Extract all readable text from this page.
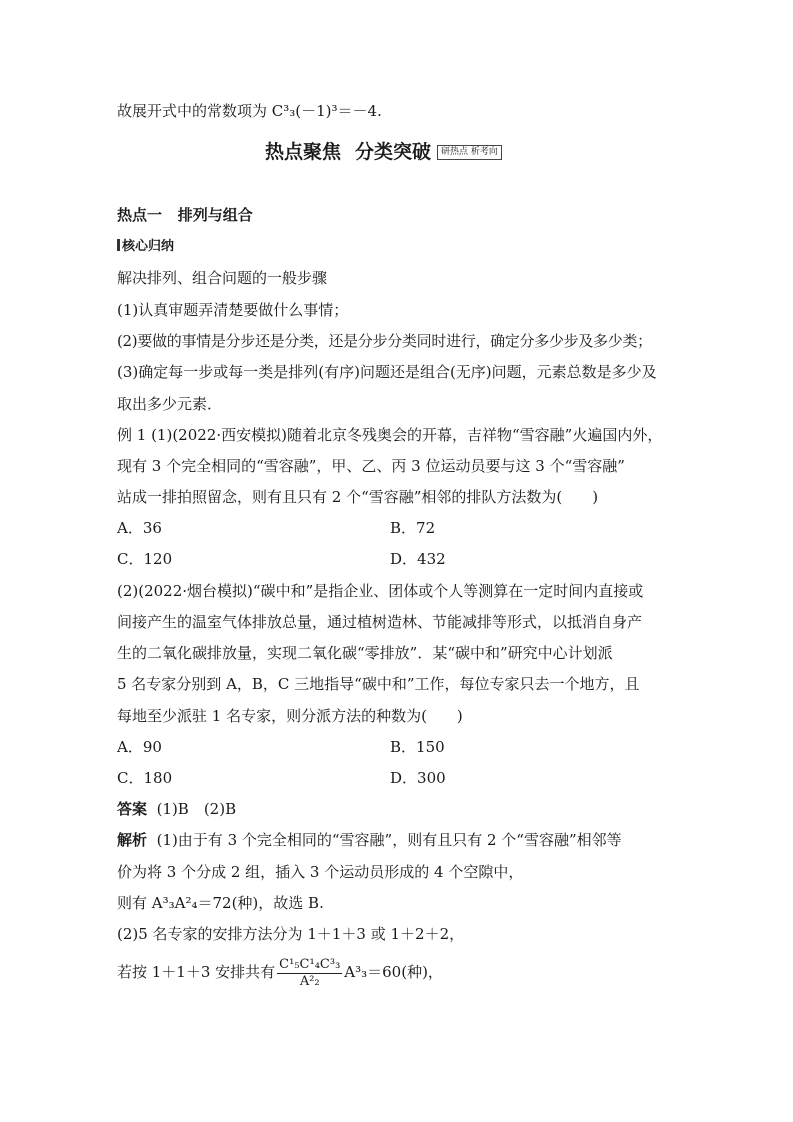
故展开式中的常数项为 C³₃(－1)³＝－4.
热点聚焦 分类突破 研热点 析考向
热点一 排列与组合
核心归纳
解决排列、组合问题的一般步骤
(1)认真审题弄清楚要做什么事情；
(2)要做的事情是分步还是分类，还是分步分类同时进行，确定分多少步及多少类；
(3)确定每一步或每一类是排列(有序)问题还是组合(无序)问题，元素总数是多少及
取出多少元素．
例 1 (1)(2022·西安模拟)随着北京冬残奥会的开幕，吉祥物“雪容融”火遍国内外，
现有 3 个完全相同的“雪容融”，甲、乙、丙 3 位运动员要与这 3 个“雪容融”
站成一排拍照留念，则有且只有 2 个“雪容融”相邻的排队方法数为(　　)
A．36	B．72
C．120	D．432
(2)(2022·烟台模拟)“碳中和”是指企业、团体或个人等测算在一定时间内直接或
间接产生的温室气体排放总量，通过植树造林、节能减排等形式，以抵消自身产
生的二氧化碳排放量，实现二氧化碳“零排放”．某“碳中和”研究中心计划派
5 名专家分别到 A，B，C 三地指导“碳中和”工作，每位专家只去一个地方，且
每地至少派驻 1 名专家，则分派方法的种数为(　　)
A．90	B．150
C．180	D．300
答案 (1)B　(2)B
解析 (1)由于有 3 个完全相同的“雪容融”，则有且只有 2 个“雪容融”相邻等
价为将 3 个分成 2 组，插入 3 个运动员形成的 4 个空隙中，
则有 A³₃A²₄＝72(种)，故选 B.
(2)5 名专家的安排方法分为 1＋1＋3 或 1＋2＋2，
若按 1＋1＋3 安排共有 $\frac{\text{C¹₅C¹₄C³₃}}{\text{A²₂}} A^3_3=60$(种)，
